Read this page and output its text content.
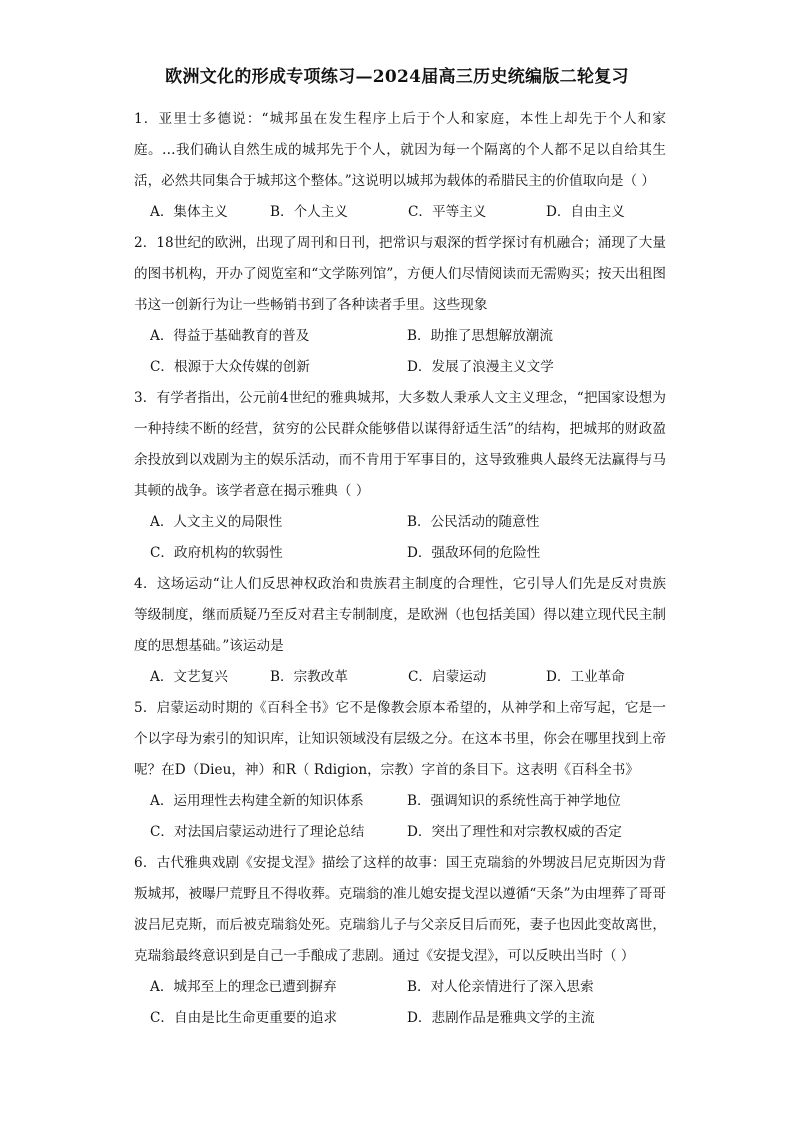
欧洲文化的形成专项练习—2024届高三历史统编版二轮复习
1．亚里士多德说：“城邦虽在发生程序上后于个人和家庭，本性上却先于个人和家庭。…我们确认自然生成的城邦先于个人，就因为每一个隔离的个人都不足以自给其生活，必然共同集合于城邦这个整体。”这说明以城邦为载体的希腊民主的价值取向是（ ）
A．集体主义	B．个人主义	C．平等主义	D．自由主义
2．18世纪的欧洲，出现了周刊和日刊，把常识与艰深的哲学探讨有机融合；涌现了大量的图书机构，开办了阅览室和“文学陈列馆”，方便人们尽情阅读而无需购买；按天出租图书这一创新行为让一些畅销书到了各种读者手里。这些现象
A．得益于基础教育的普及	B．助推了思想解放潮流
C．根源于大众传媒的创新	D．发展了浪漫主义文学
3．有学者指出，公元前4世纪的雅典城邦，大多数人秉承人文主义理念，“把国家设想为一种持续不断的经营，贫穷的公民群众能够借以谋得舒适生活”的结构，把城邦的财政盈余投放到以戏剧为主的娱乐活动，而不肯用于军事目的，这导致雅典人最终无法赢得与马其顿的战争。该学者意在揭示雅典（ ）
A．人文主义的局限性	B．公民活动的随意性
C．政府机构的软弱性	D．强敌环伺的危险性
4．这场运动“让人们反思神权政治和贵族君主制度的合理性，它引导人们先是反对贵族等级制度，继而质疑乃至反对君主专制制度，是欧洲（也包括美国）得以建立现代民主制度的思想基础。”该运动是
A．文艺复兴	B．宗教改革	C．启蒙运动	D．工业革命
5．启蒙运动时期的《百科全书》它不是像教会原本希望的，从神学和上帝写起，它是一个以字母为索引的知识库，让知识领域没有层级之分。在这本书里，你会在哪里找到上帝呢？在D（Dieu，神）和R（ Rdigion，宗教）字首的条目下。这表明《百科全书》
A．运用理性去构建全新的知识体系	B．强调知识的系统性高于神学地位
C．对法国启蒙运动进行了理论总结	D．突出了理性和对宗教权威的否定
6．古代雅典戏剧《安提戈涅》描绘了这样的故事：国王克瑞翁的外甥波吕尼克斯因为背叛城邦，被曝尸荒野且不得收葬。克瑞翁的准儿媳安提戈涅以遵循“天条”为由埋葬了哥哥波吕尼克斯，而后被克瑞翁处死。克瑞翁儿子与父亲反目后而死，妻子也因此变故离世，克瑞翁最终意识到是自己一手酿成了悲剧。通过《安提戈涅》，可以反映出当时（ ）
A．城邦至上的理念已遭到摒弃	B．对人伦亲情进行了深入思索
C．自由是比生命更重要的追求	D．悲剧作品是雅典文学的主流
